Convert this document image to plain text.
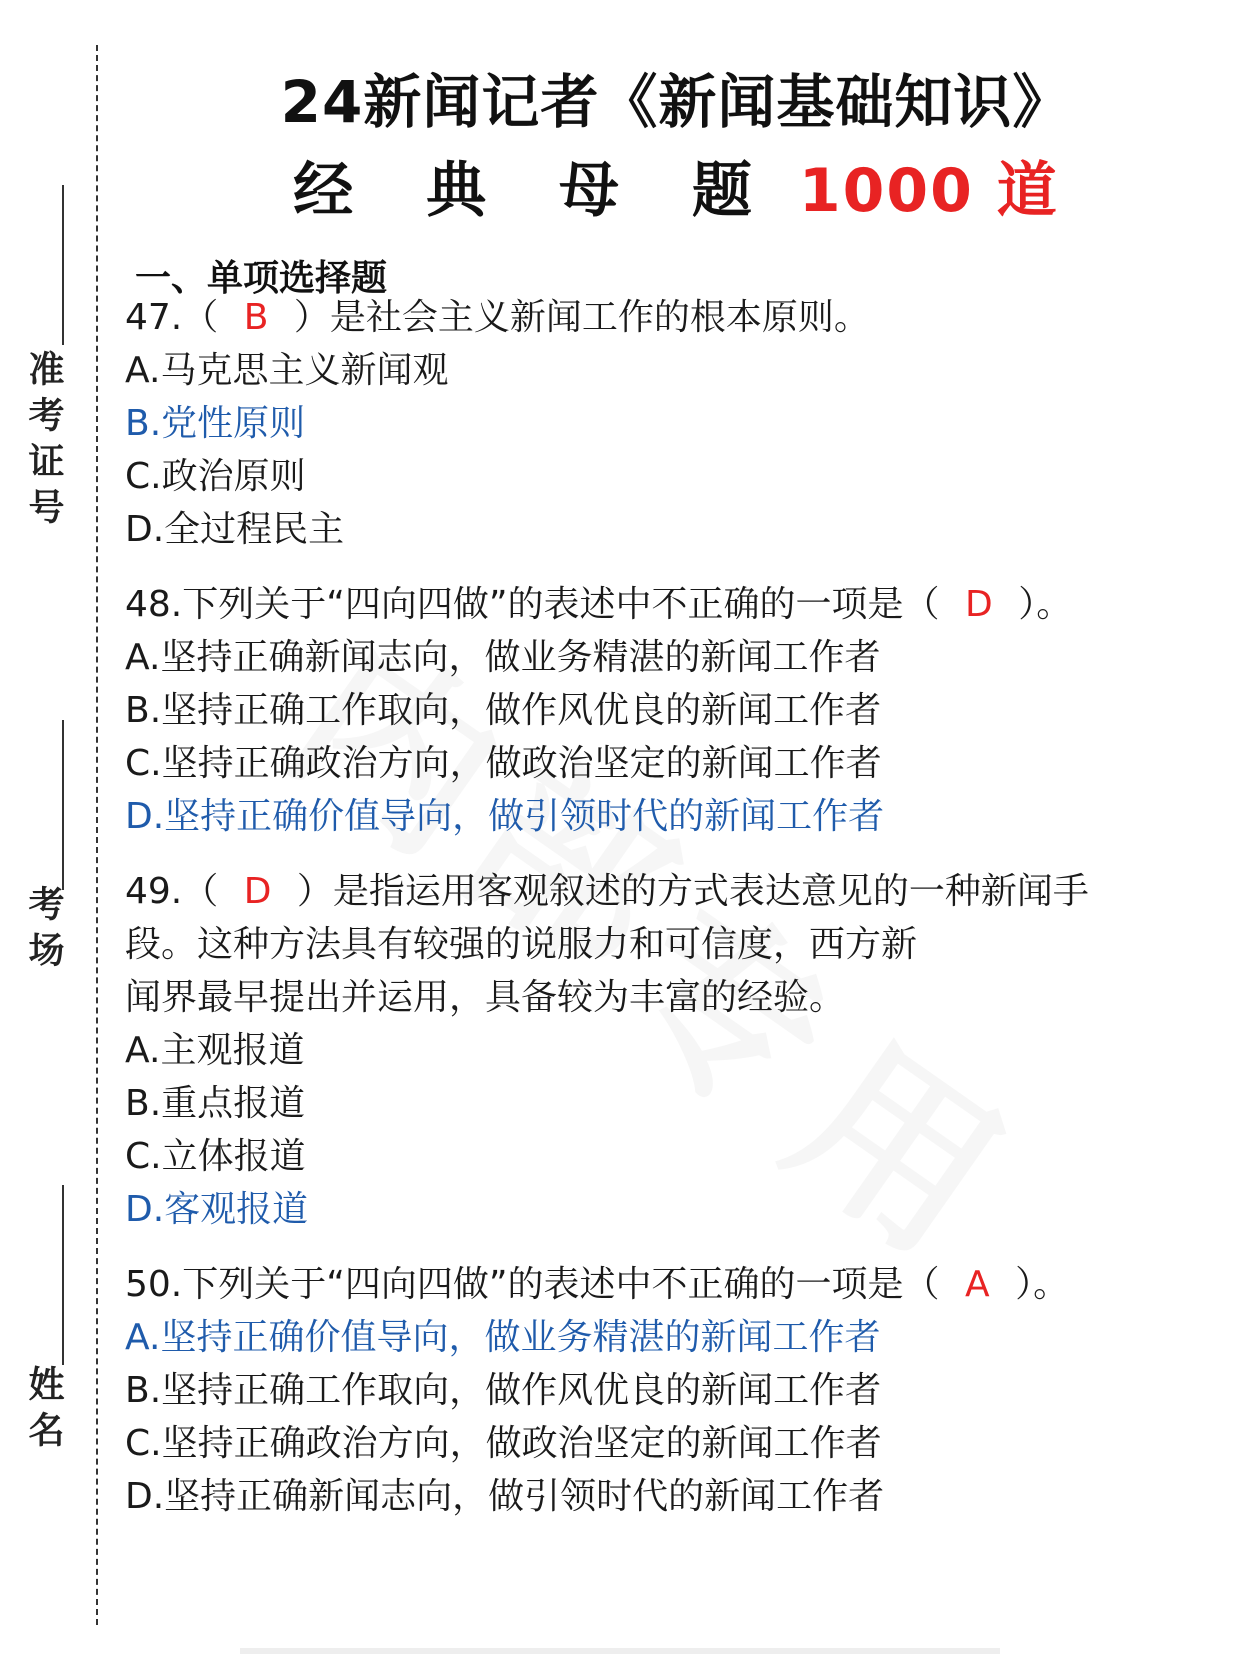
准考证号
考场
姓名
24新闻记者《新闻基础知识》
经 典 母 题 1000 道
一、单项选择题
47.（ B ）是社会主义新闻工作的根本原则。
A.马克思主义新闻观
B.党性原则
C.政治原则
D.全过程民主
48.下列关于“四向四做”的表述中不正确的一项是（ D ）。
A.坚持正确新闻志向，做业务精湛的新闻工作者
B.坚持正确工作取向，做作风优良的新闻工作者
C.坚持正确政治方向，做政治坚定的新闻工作者
D.坚持正确价值导向，做引领时代的新闻工作者
49.（ D ）是指运用客观叙述的方式表达意见的一种新闻手
段。这种方法具有较强的说服力和可信度，西方新
闻界最早提出并运用，具备较为丰富的经验。
A.主观报道
B.重点报道
C.立体报道
D.客观报道
50.下列关于“四向四做”的表述中不正确的一项是（ A ）。
A.坚持正确价值导向，做业务精湛的新闻工作者
B.坚持正确工作取向，做作风优良的新闻工作者
C.坚持正确政治方向，做政治坚定的新闻工作者
D.坚持正确新闻志向，做引领时代的新闻工作者
